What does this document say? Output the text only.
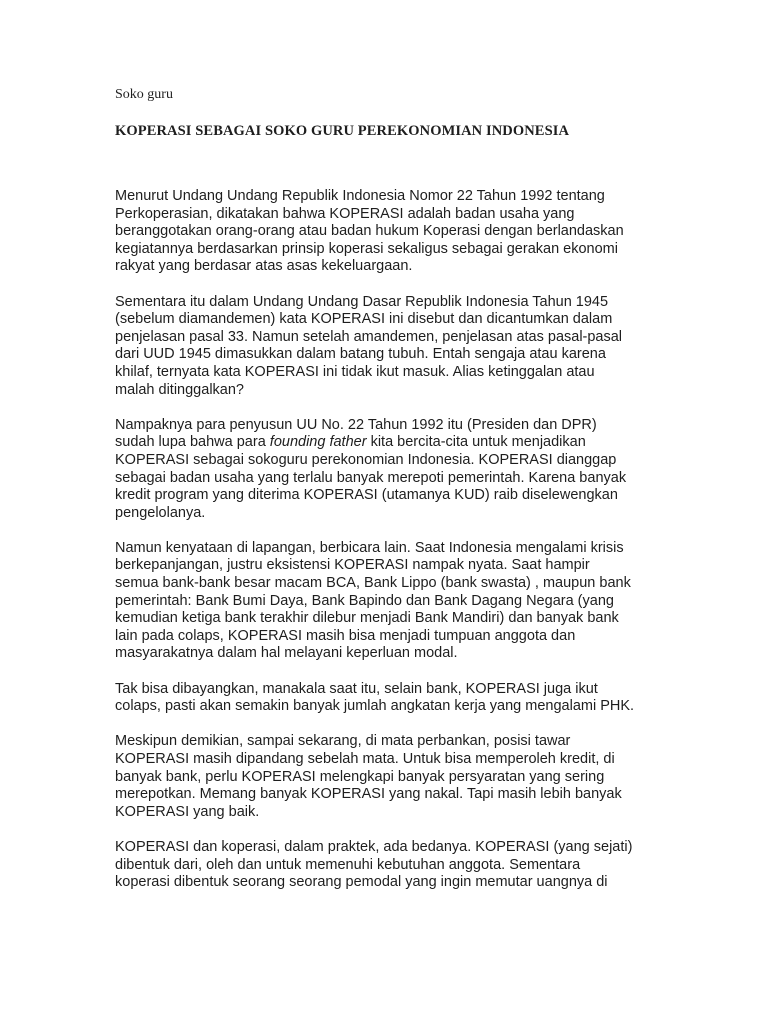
Soko guru

KOPERASI SEBAGAI SOKO GURU PEREKONOMIAN INDONESIA

Menurut Undang Undang Republik Indonesia Nomor 22 Tahun 1992 tentang Perkoperasian, dikatakan bahwa KOPERASI adalah badan usaha yang beranggotakan orang-orang atau badan hukum Koperasi dengan berlandaskan kegiatannya berdasarkan prinsip koperasi sekaligus sebagai gerakan ekonomi rakyat yang berdasar atas asas kekeluargaan.

Sementara itu dalam Undang Undang Dasar Republik Indonesia Tahun 1945 (sebelum diamandemen) kata KOPERASI ini disebut dan dicantumkan dalam penjelasan pasal 33. Namun setelah amandemen, penjelasan atas pasal-pasal dari UUD 1945 dimasukkan dalam batang tubuh. Entah sengaja atau karena khilaf, ternyata kata KOPERASI ini tidak ikut masuk. Alias ketinggalan atau malah ditinggalkan?

Nampaknya para penyusun UU No. 22 Tahun 1992 itu (Presiden dan DPR) sudah lupa bahwa para founding father kita bercita-cita untuk menjadikan KOPERASI sebagai sokoguru perekonomian Indonesia. KOPERASI dianggap sebagai badan usaha yang terlalu banyak merepoti pemerintah. Karena banyak kredit program yang diterima KOPERASI (utamanya KUD) raib diselewengkan pengelolanya.

Namun kenyataan di lapangan, berbicara lain. Saat Indonesia mengalami krisis berkepanjangan, justru eksistensi KOPERASI nampak nyata. Saat hampir semua bank-bank besar macam BCA, Bank Lippo (bank swasta) , maupun bank pemerintah: Bank Bumi Daya, Bank Bapindo dan Bank Dagang Negara (yang kemudian ketiga bank terakhir dilebur menjadi Bank Mandiri) dan banyak bank lain pada colaps, KOPERASI masih bisa menjadi tumpuan anggota dan masyarakatnya dalam hal melayani keperluan modal.

Tak bisa dibayangkan, manakala saat itu, selain bank, KOPERASI juga ikut colaps, pasti akan semakin banyak jumlah angkatan kerja yang mengalami PHK.

Meskipun demikian, sampai sekarang, di mata perbankan, posisi tawar KOPERASI masih dipandang sebelah mata. Untuk bisa memperoleh kredit, di banyak bank, perlu KOPERASI melengkapi banyak persyaratan yang sering merepotkan. Memang banyak KOPERASI yang nakal. Tapi masih lebih banyak KOPERASI yang baik.

KOPERASI dan koperasi, dalam praktek, ada bedanya. KOPERASI (yang sejati) dibentuk dari, oleh dan untuk memenuhi kebutuhan anggota. Sementara koperasi dibentuk seorang seorang pemodal yang ingin memutar uangnya di
